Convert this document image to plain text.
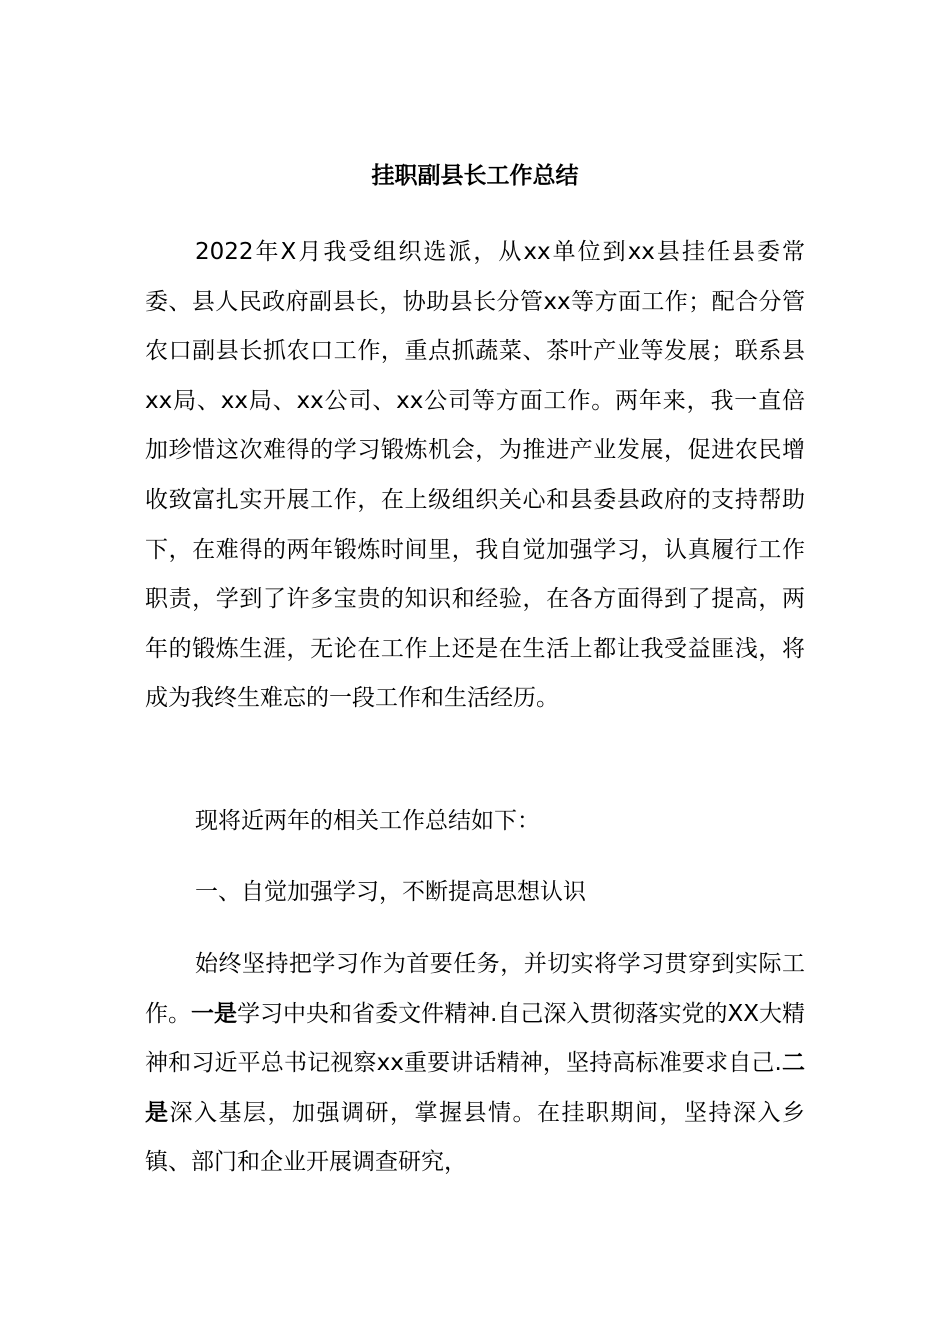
挂职副县长工作总结

2022年X月我受组织选派，从xx单位到xx县挂任县委常委、县人民政府副县长，协助县长分管xx等方面工作；配合分管农口副县长抓农口工作，重点抓蔬菜、茶叶产业等发展；联系县xx局、xx局、xx公司、xx公司等方面工作。两年来，我一直倍加珍惜这次难得的学习锻炼机会，为推进产业发展，促进农民增收致富扎实开展工作，在上级组织关心和县委县政府的支持帮助下，在难得的两年锻炼时间里，我自觉加强学习，认真履行工作职责，学到了许多宝贵的知识和经验，在各方面得到了提高，两年的锻炼生涯，无论在工作上还是在生活上都让我受益匪浅，将成为我终生难忘的一段工作和生活经历。

现将近两年的相关工作总结如下：

一、自觉加强学习，不断提高思想认识

始终坚持把学习作为首要任务，并切实将学习贯穿到实际工作。一是学习中央和省委文件精神.自己深入贯彻落实党的XX大精神和习近平总书记视察xx重要讲话精神，坚持高标准要求自己.二是深入基层，加强调研，掌握县情。在挂职期间，坚持深入乡镇、部门和企业开展调查研究，
